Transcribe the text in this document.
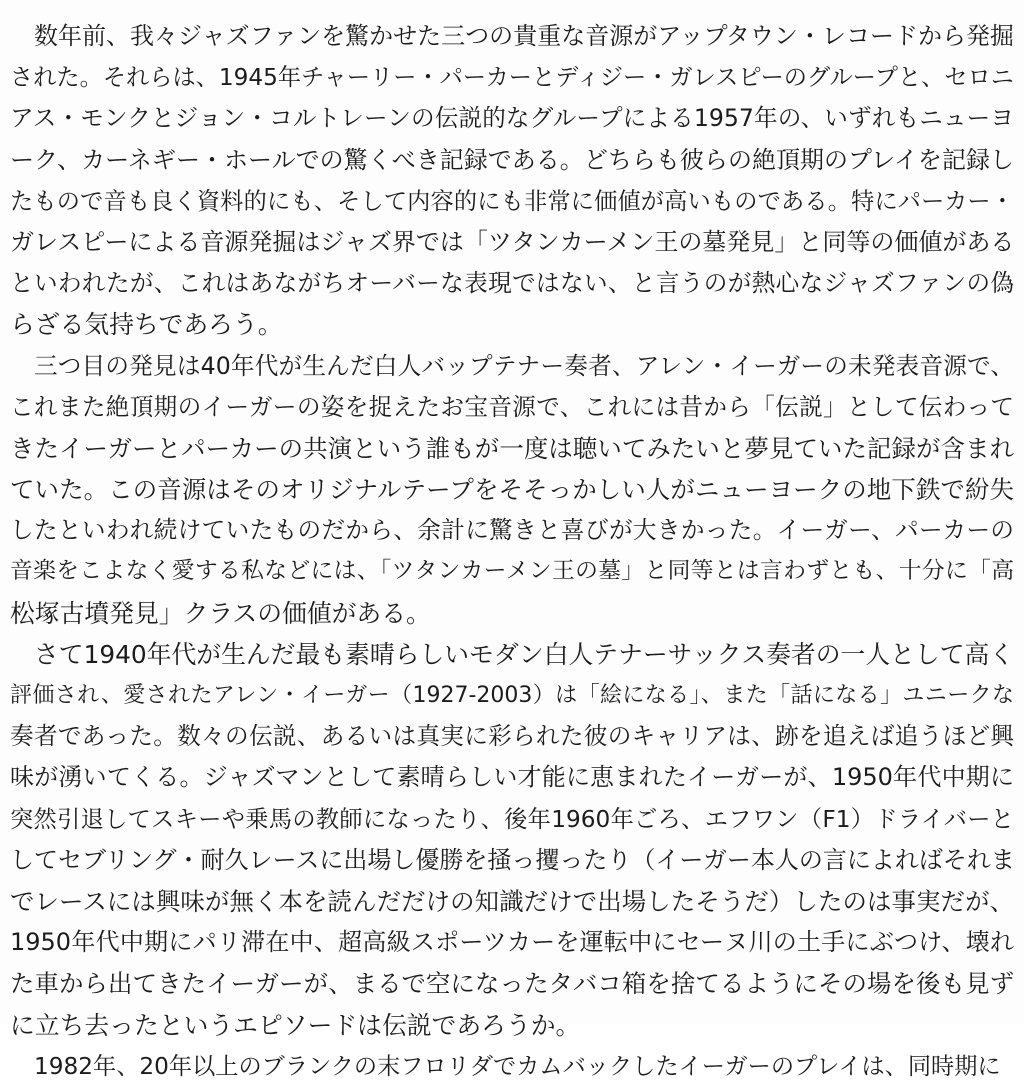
数年前、我々ジャズファンを驚かせた三つの貴重な音源がアップタウン・レコードから発掘
された。それらは、1945年チャーリー・パーカーとディジー・ガレスピーのグループと、セロニ
アス・モンクとジョン・コルトレーンの伝説的なグループによる1957年の、いずれもニューヨ
ーク、カーネギー・ホールでの驚くべき記録である。どちらも彼らの絶頂期のプレイを記録し
たもので音も良く資料的にも、そして内容的にも非常に価値が高いものである。特にパーカー・
ガレスピーによる音源発掘はジャズ界では「ツタンカーメン王の墓発見」と同等の価値がある
といわれたが、これはあながちオーバーな表現ではない、と言うのが熱心なジャズファンの偽
らざる気持ちであろう。
三つ目の発見は40年代が生んだ白人バップテナー奏者、アレン・イーガーの未発表音源で、
これまた絶頂期のイーガーの姿を捉えたお宝音源で、これには昔から「伝説」として伝わって
きたイーガーとパーカーの共演という誰もが一度は聴いてみたいと夢見ていた記録が含まれ
ていた。この音源はそのオリジナルテープをそそっかしい人がニューヨークの地下鉄で紛失
したといわれ続けていたものだから、余計に驚きと喜びが大きかった。イーガー、パーカーの
音楽をこよなく愛する私などには、「ツタンカーメン王の墓」と同等とは言わずとも、十分に「高
松塚古墳発見」クラスの価値がある。
さて1940年代が生んだ最も素晴らしいモダン白人テナーサックス奏者の一人として高く
評価され、愛されたアレン・イーガー（1927-2003）は「絵になる」、また「話になる」ユニークな
奏者であった。数々の伝説、あるいは真実に彩られた彼のキャリアは、跡を追えば追うほど興
味が湧いてくる。ジャズマンとして素晴らしい才能に恵まれたイーガーが、1950年代中期に
突然引退してスキーや乗馬の教師になったり、後年1960年ごろ、エフワン（F1）ドライバーと
してセブリング・耐久レースに出場し優勝を掻っ攫ったり（イーガー本人の言によればそれま
でレースには興味が無く本を読んだだけの知識だけで出場したそうだ）したのは事実だが、
1950年代中期にパリ滞在中、超高級スポーツカーを運転中にセーヌ川の土手にぶつけ、壊れ
た車から出てきたイーガーが、まるで空になったタバコ箱を捨てるようにその場を後も見ず
に立ち去ったというエピソードは伝説であろうか。
1982年、20年以上のブランクの末フロリダでカムバックしたイーガーのプレイは、同時期に
